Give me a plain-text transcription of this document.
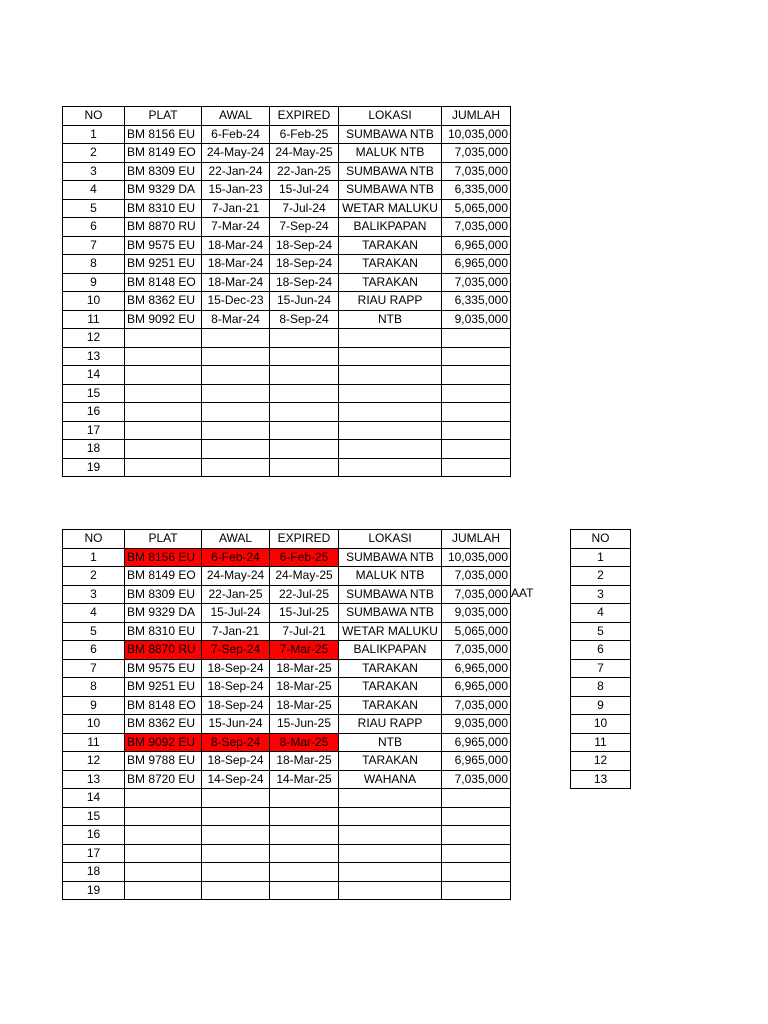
NO	PLAT	AWAL	EXPIRED	LOKASI	JUMLAH
1	BM 8156 EU	6-Feb-24	6-Feb-25	SUMBAWA NTB	10,035,000
2	BM 8149 EO	24-May-24	24-May-25	MALUK NTB	7,035,000
3	BM 8309 EU	22-Jan-24	22-Jan-25	SUMBAWA NTB	7,035,000
4	BM 9329 DA	15-Jan-23	15-Jul-24	SUMBAWA NTB	6,335,000
5	BM 8310 EU	7-Jan-21	7-Jul-24	WETAR MALUKU	5,065,000
6	BM 8870 RU	7-Mar-24	7-Sep-24	BALIKPAPAN	7,035,000
7	BM 9575 EU	18-Mar-24	18-Sep-24	TARAKAN	6,965,000
8	BM 9251 EU	18-Mar-24	18-Sep-24	TARAKAN	6,965,000
9	BM 8148 EO	18-Mar-24	18-Sep-24	TARAKAN	7,035,000
10	BM 8362 EU	15-Dec-23	15-Jun-24	RIAU RAPP	6,335,000
11	BM 9092 EU	8-Mar-24	8-Sep-24	NTB	9,035,000
12					
13					
14					
15					
16					
17					
18					
19					
NO	PLAT	AWAL	EXPIRED	LOKASI	JUMLAH
1	BM 8156 EU	6-Feb-24	6-Feb-25	SUMBAWA NTB	10,035,000
2	BM 8149 EO	24-May-24	24-May-25	MALUK NTB	7,035,000
3	BM 8309 EU	22-Jan-25	22-Jul-25	SUMBAWA NTB	7,035,000
4	BM 9329 DA	15-Jul-24	15-Jul-25	SUMBAWA NTB	9,035,000
5	BM 8310 EU	7-Jan-21	7-Jul-21	WETAR MALUKU	5,065,000
6	BM 8870 RU	7-Sep-24	7-Mar-25	BALIKPAPAN	7,035,000
7	BM 9575 EU	18-Sep-24	18-Mar-25	TARAKAN	6,965,000
8	BM 9251 EU	18-Sep-24	18-Mar-25	TARAKAN	6,965,000
9	BM 8148 EO	18-Sep-24	18-Mar-25	TARAKAN	7,035,000
10	BM 8362 EU	15-Jun-24	15-Jun-25	RIAU RAPP	9,035,000
11	BM 9092 EU	8-Sep-24	8-Mar-25	NTB	6,965,000
12	BM 9788 EU	18-Sep-24	18-Mar-25	TARAKAN	6,965,000
13	BM 8720 EU	14-Sep-24	14-Mar-25	WAHANA	7,035,000
14					
15					
16					
17					
18					
19					
AAT
NO
1
2
3
4
5
6
7
8
9
10
11
12
13
